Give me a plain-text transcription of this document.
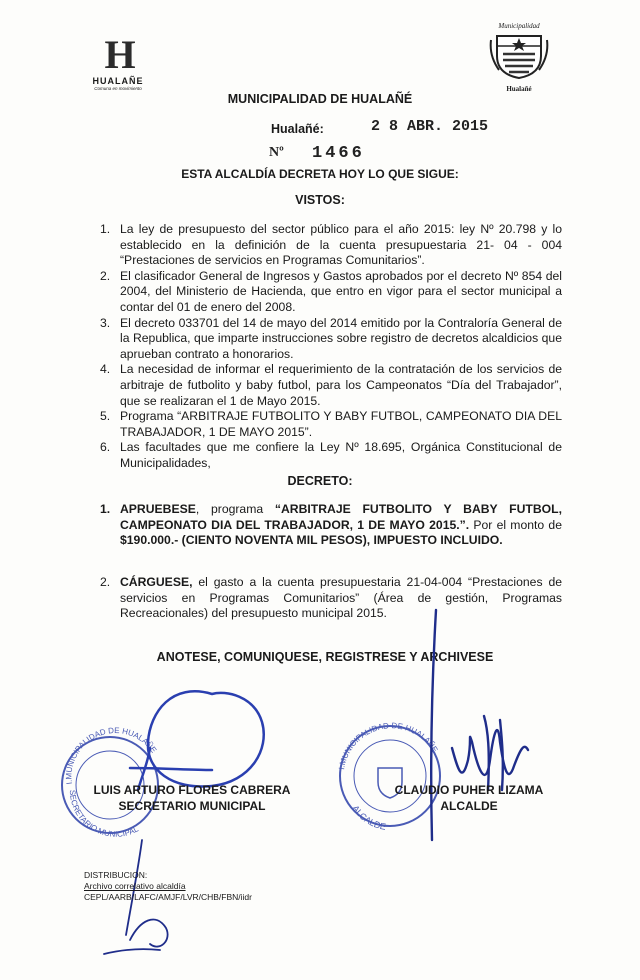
H
HUALAÑE
Comuna en movimiento
Municipalidad
Hualañé
MUNICIPALIDAD DE HUALAÑÉ
Hualañé:	2 8 ABR. 2015
Nº 1466
ESTA ALCALDÍA DECRETA HOY LO QUE SIGUE:
VISTOS:
1. La ley de presupuesto del sector público para el año 2015: ley Nº 20.798 y lo establecido en la definición de la cuenta presupuestaria 21- 04 - 004 “Prestaciones de servicios en Programas Comunitarios”.
2. El clasificador General de Ingresos y Gastos aprobados por el decreto Nº 854 del 2004, del Ministerio de Hacienda, que entro en vigor para el sector municipal a contar del 01 de enero del 2008.
3. El decreto 033701 del 14 de mayo del 2014 emitido por la Contraloría General de la Republica, que imparte instrucciones sobre registro de decretos alcaldicios que aprueban contrato a honorarios.
4. La necesidad de informar el requerimiento de la contratación de los servicios de arbitraje de futbolito y baby futbol, para los Campeonatos “Día del Trabajador”, que se realizaran el 1 de Mayo 2015.
5. Programa “ARBITRAJE FUTBOLITO Y BABY FUTBOL, CAMPEONATO DIA DEL TRABAJADOR, 1 DE MAYO 2015”.
6. Las facultades que me confiere la Ley Nº 18.695, Orgánica Constitucional de Municipalidades,
DECRETO:
1. APRUEBESE, programa “ARBITRAJE FUTBOLITO Y BABY FUTBOL, CAMPEONATO DIA DEL TRABAJADOR, 1 DE MAYO 2015.”. Por el monto de $190.000.- (CIENTO NOVENTA MIL PESOS), IMPUESTO INCLUIDO.
2. CÁRGUESE, el gasto a la cuenta presupuestaria 21-04-004 “Prestaciones de servicios en Programas Comunitarios” (Área de gestión, Programas Recreacionales) del presupuesto municipal 2015.
ANOTESE, COMUNIQUESE, REGISTRESE Y ARCHIVESE
I.MUNICIPALIDAD DE HUALAÑE
SECRETARIO MUNICIPAL
I.MUNICIPALIDAD DE HUALAÑE
ALCALDE
LUIS ARTURO FLORES CABRERA
SECRETARIO MUNICIPAL
CLAUDIO PUHER LIZAMA
ALCALDE
DISTRIBUCION:
Archivo correlativo alcaldía
CEPL/AARB/LAFC/AMJF/LVR/CHB/FBN/iidr
